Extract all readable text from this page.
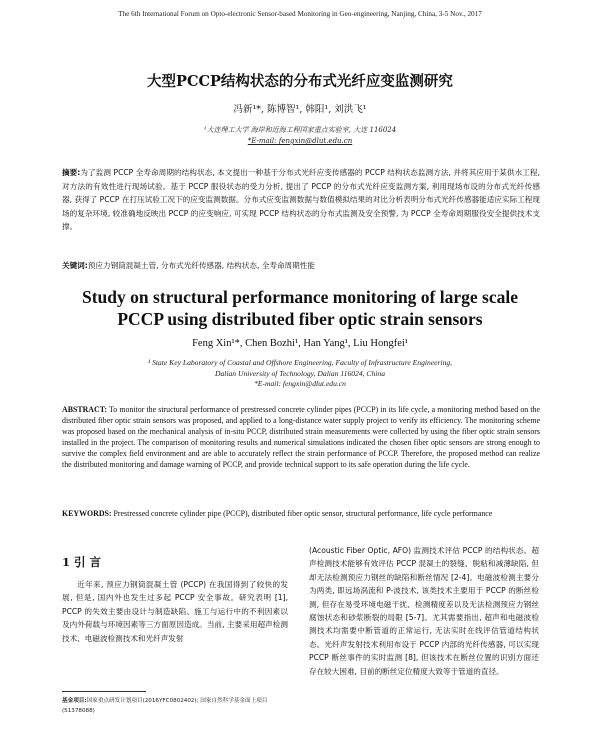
The 6th International Forum on Opto-electronic Sensor-based Monitoring in Geo-engineering, Nanjing, China, 3-5 Nov., 2017
大型PCCP结构状态的分布式光纤应变监测研究
冯新¹*, 陈博智¹, 韩阳¹, 刘洪飞¹
¹大连理工大学 海岸和近海工程国家重点实验室, 大连 116024
*E-mail: fengxin@dlut.edu.cn

摘要:为了监测 PCCP 全寿命周期的结构状态, 本文提出一种基于分布式光纤应变传感器的 PCCP 结构状态监测方法, 并将其应用于某供水工程, 对方法的有效性进行现场试验。基于 PCCP 服役状态的受力分析, 提出了 PCCP 的分布式光纤应变监测方案, 利用现场布设的分布式光纤传感器, 获得了 PCCP 在打压试验工况下的应变监测数据。分布式应变监测数据与数值模拟结果的对比分析表明分布式光纤传感器能适应实际工程现场的复杂环境, 较准确地反映出 PCCP 的应变响应, 可实现 PCCP 结构状态的分布式监测及安全预警, 为 PCCP 全寿命周期服役安全提供技术支撑。

关键词:预应力钢筒混凝土管, 分布式光纤传感器, 结构状态, 全寿命周期性能

Study on structural performance monitoring of large scale
PCCP using distributed fiber optic strain sensors
Feng Xin¹*, Chen Bozhi¹, Han Yang¹, Liu Hongfei¹
¹ State Key Laboratory of Coastal and Offshore Engineering, Faculty of Infrastructure Engineering,
Dalian University of Technology, Dalian 116024, China
*E-mail: fengxin@dlut.edu.cn

ABSTRACT: To monitor the structural performance of prestressed concrete cylinder pipes (PCCP) in its life cycle, a monitoring method based on the distributed fiber optic strain sensors was proposed, and applied to a long-distance water supply project to verify its efficiency. The monitoring scheme was proposed based on the mechanical analysis of in-situ PCCP, distributed strain measurements were collected by using the fiber optic strain sensors installed in the project. The comparison of monitoring results and numerical simulations indicated the chosen fiber optic sensors are strong enough to survive the complex field environment and are able to accurately reflect the strain performance of PCCP. Therefore, the proposed method can realize the distributed monitoring and damage warning of PCCP, and provide technical support to its safe operation during the life cycle.

KEYWORDS: Prestressed concrete cylinder pipe (PCCP), distributed fiber optic sensor, structural performance, life cycle performance

1 引 言

近年来, 预应力钢筒混凝土管 (PCCP) 在我国得到了较快的发展, 但是, 国内外也发生过多起 PCCP 安全事故。研究表明 [1], PCCP 的失效主要由设计与制造缺陷、施工与运行中的不利因素以及内外荷载与环境因素等三方面原因造成。当前, 主要采用超声检测技术、电磁波检测技术和光纤声发射

基金项目:国家重点研发计划项目(2016YFC0802402); 国家自然科学基金面上项目(51378088)

(Acoustic Fiber Optic, AFO) 监测技术评估 PCCP 的结构状态。超声检测技术能够有效评估 PCCP 混凝土的裂缝、脱粘和减薄缺陷, 但却无法检测预应力钢丝的缺陷和断丝情况 [2-4]。电磁波检测主要分为两类, 即远场涡流和 P-波技术, 该类技术主要用于 PCCP 的断丝检测, 但存在易受环境电磁干扰、检测精度差以及无法检测预应力钢丝腐蚀状态和砂浆断裂的局限 [5-7]。尤其需要指出, 超声和电磁波检测技术均需要中断管道的正常运行, 无法实时在线评估管道结构状态。光纤声发射技术利用布设于 PCCP 内部的光纤传感器, 可以实现 PCCP 断丝事件的实时监测 [8], 但该技术在断丝位置的识别方面还存在较大困难, 目前的断丝定位精度大致等于管道的直径。
